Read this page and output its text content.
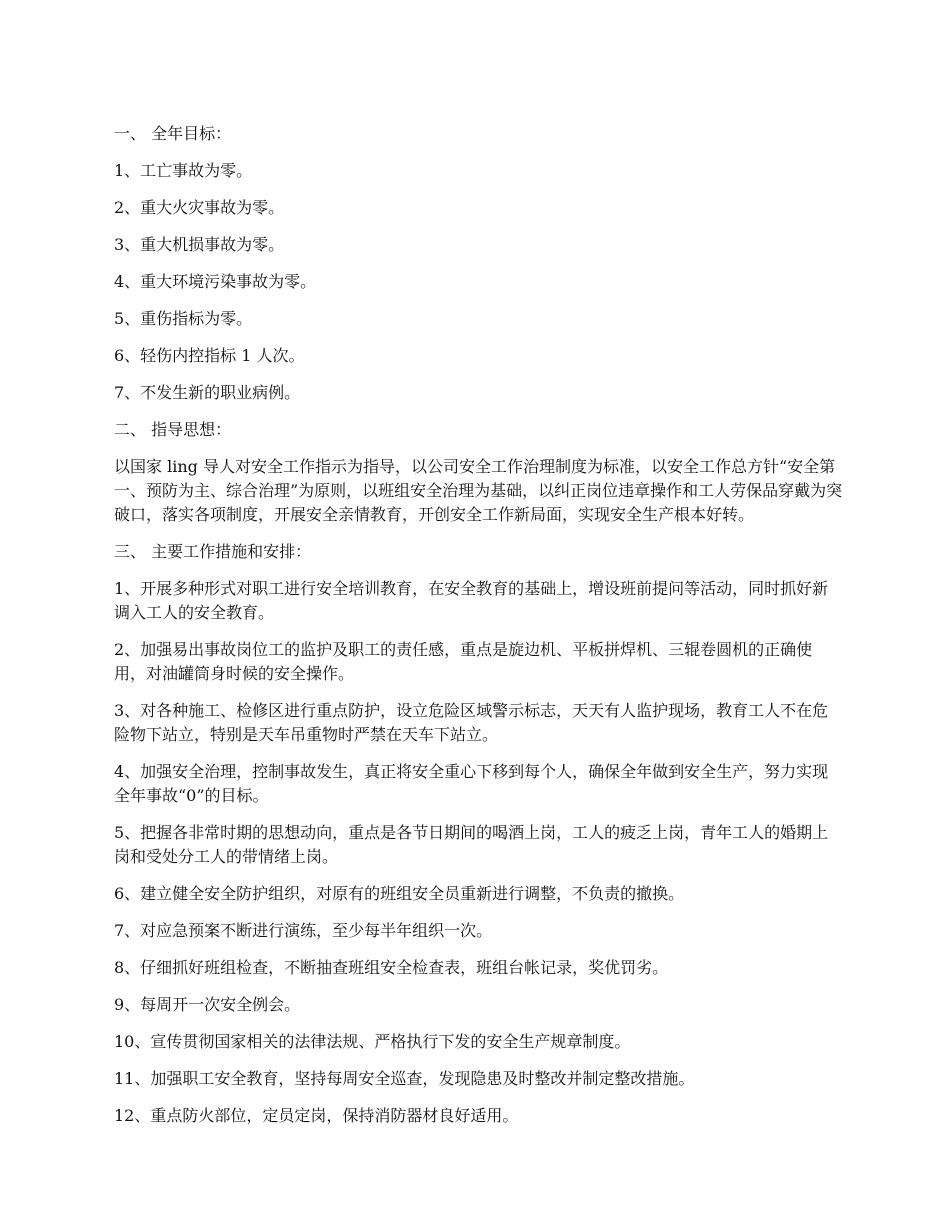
一、 全年目标：

1、工亡事故为零。

2、重大火灾事故为零。

3、重大机损事故为零。

4、重大环境污染事故为零。

5、重伤指标为零。

6、轻伤内控指标 1 人次。

7、不发生新的职业病例。

二、 指导思想：

以国家 ling 导人对安全工作指示为指导，以公司安全工作治理制度为标准，以安全工作总方针“安全第一、预防为主、综合治理”为原则，以班组安全治理为基础，以纠正岗位违章操作和工人劳保品穿戴为突破口，落实各项制度，开展安全亲情教育，开创安全工作新局面，实现安全生产根本好转。

三、 主要工作措施和安排：

1、开展多种形式对职工进行安全培训教育，在安全教育的基础上，增设班前提问等活动，同时抓好新调入工人的安全教育。

2、加强易出事故岗位工的监护及职工的责任感，重点是旋边机、平板拼焊机、三辊卷圆机的正确使用，对油罐筒身时候的安全操作。

3、对各种施工、检修区进行重点防护，设立危险区域警示标志，天天有人监护现场，教育工人不在危险物下站立，特别是天车吊重物时严禁在天车下站立。

4、加强安全治理，控制事故发生，真正将安全重心下移到每个人，确保全年做到安全生产，努力实现全年事故“0”的目标。

5、把握各非常时期的思想动向，重点是各节日期间的喝酒上岗，工人的疲乏上岗，青年工人的婚期上岗和受处分工人的带情绪上岗。

6、建立健全安全防护组织，对原有的班组安全员重新进行调整，不负责的撤换。

7、对应急预案不断进行演练，至少每半年组织一次。

8、仔细抓好班组检查，不断抽查班组安全检查表，班组台帐记录，奖优罚劣。

9、每周开一次安全例会。

10、宣传贯彻国家相关的法律法规、严格执行下发的安全生产规章制度。

11、加强职工安全教育，坚持每周安全巡查，发现隐患及时整改并制定整改措施。

12、重点防火部位，定员定岗，保持消防器材良好适用。
